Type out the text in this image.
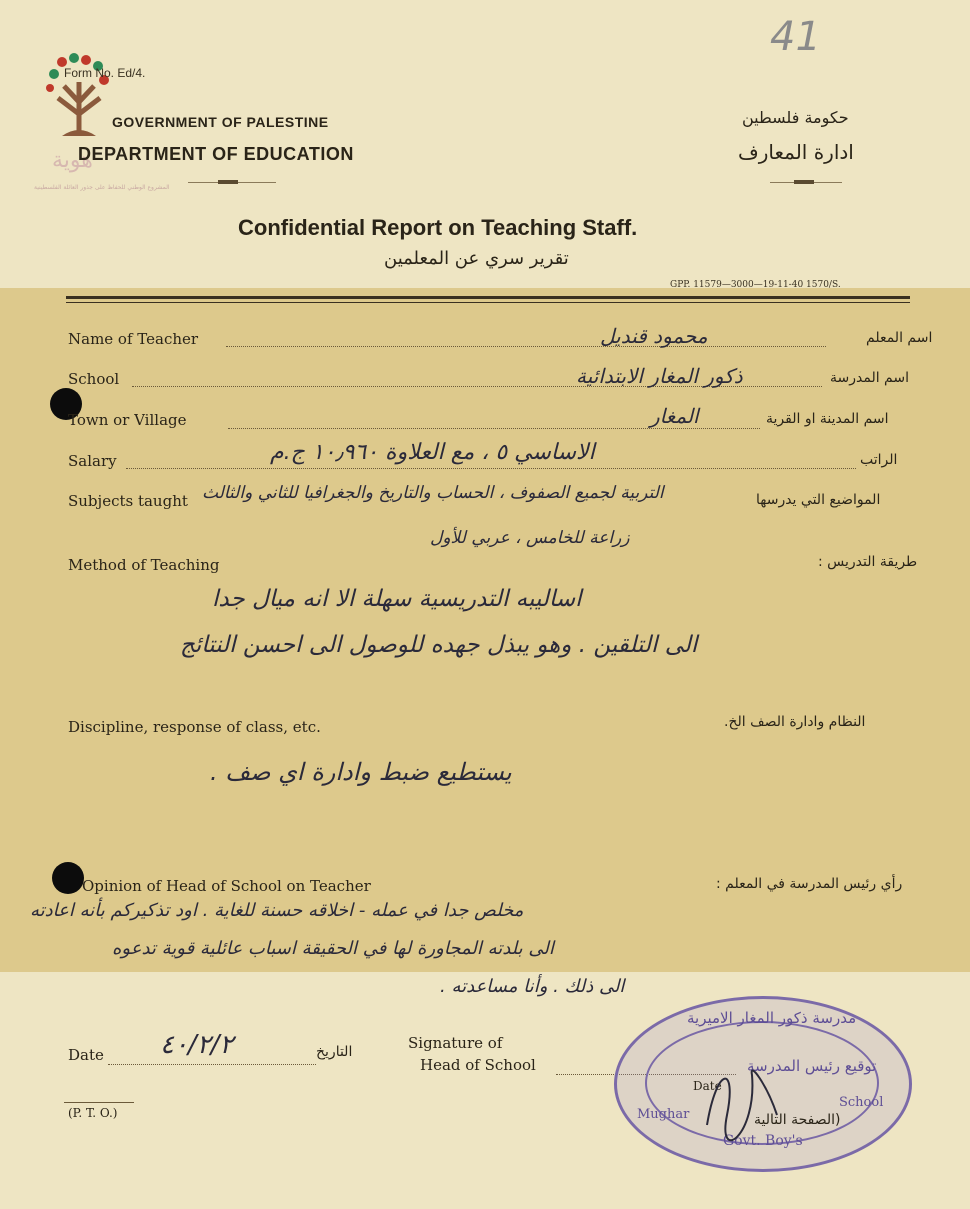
41
هوية
المشروع الوطني للحفاظ على جذور العائلة الفلسطينية
Form No. Ed/4.
GOVERNMENT OF PALESTINE
DEPARTMENT OF EDUCATION
حكومة فلسطين
ادارة المعارف
Confidential Report on Teaching Staff.
تقرير سري عن المعلمين
GPP. 11579—3000—19-11-40 1570/S.
Name of Teacher	محمود قنديل	اسم المعلم
School	ذكور المغار الابتدائية	اسم المدرسة
Town or Village	المغار	اسم المدينة او القرية
Salary	الاساسي ٥ ، مع العلاوة ١٠٫٩٦٠ ج.م	الراتب
Subjects taught التربية لجميع الصفوف ، الحساب والتاريخ والجغرافيا للثاني والثالث	المواضيع التي يدرسها
زراعة للخامس ، عربي للأول
Method of Teaching	طريقة التدريس :
اساليبه التدريسية سهلة الا انه ميال جدا
الى التلقين . وهو يبذل جهده للوصول الى احسن النتائج
Discipline, response of class, etc.	النظام وادارة الصف الخ.
يستطيع ضبط وادارة اي صف .
Opinion of Head of School on Teacher	رأي رئيس المدرسة في المعلم :
مخلص جدا في عمله - اخلاقه حسنة للغاية . اود تذكيركم بأنه اعادته
الى بلدته المجاورة لها في الحقيقة اسباب عائلية قوية تدعوه
الى ذلك . وأنا مساعدته .
Date ٤٠/٢/٢	التاريخ	Signature of
Head of School
(P. T. O.)
مدرسة ذكور المغار الاميرية
توقيع رئيس المدرسة
Date
Mughar
Govt. Boy's
School
(الصفحة التالية
